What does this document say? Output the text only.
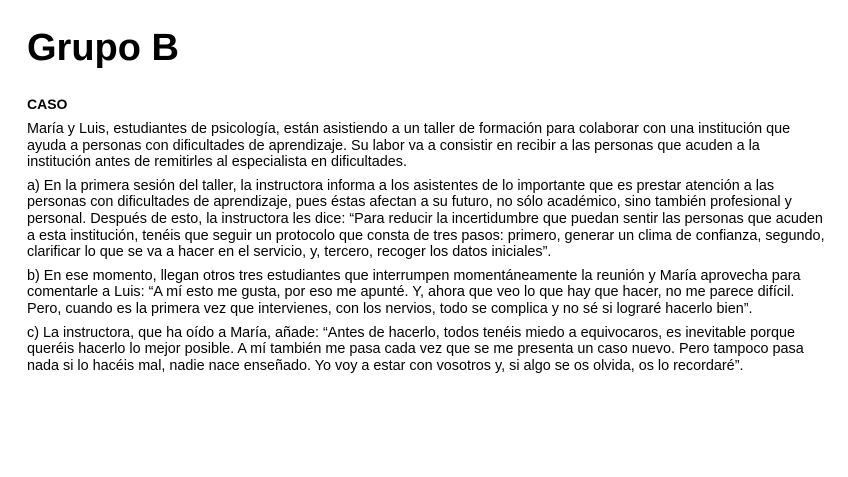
Grupo B
CASO

María y Luis, estudiantes de psicología, están asistiendo a un taller de formación para colaborar con una institución que ayuda a personas con dificultades de aprendizaje. Su labor va a consistir en recibir a las personas que acuden a la institución antes de remitirles al especialista en dificultades.

a) En la primera sesión del taller, la instructora informa a los asistentes de lo importante que es prestar atención a las personas con dificultades de aprendizaje, pues éstas afectan a su futuro, no sólo académico, sino también profesional y personal. Después de esto, la instructora les dice: “Para reducir la incertidumbre que puedan sentir las personas que acuden a esta institución, tenéis que seguir un protocolo que consta de tres pasos: primero, generar un clima de confianza, segundo, clarificar lo que se va a hacer en el servicio, y, tercero, recoger los datos iniciales”.

b) En ese momento, llegan otros tres estudiantes que interrumpen momentáneamente la reunión y María aprovecha para comentarle a Luis: “A mí esto me gusta, por eso me apunté. Y, ahora que veo lo que hay que hacer, no me parece difícil. Pero, cuando es la primera vez que intervienes, con los nervios, todo se complica y no sé si lograré hacerlo bien”.

c) La instructora, que ha oído a María, añade: “Antes de hacerlo, todos tenéis miedo a equivocaros, es inevitable porque queréis hacerlo lo mejor posible. A mí también me pasa cada vez que se me presenta un caso nuevo. Pero tampoco pasa nada si lo hacéis mal, nadie nace enseñado. Yo voy a estar con vosotros y, si algo se os olvida, os lo recordaré”.
